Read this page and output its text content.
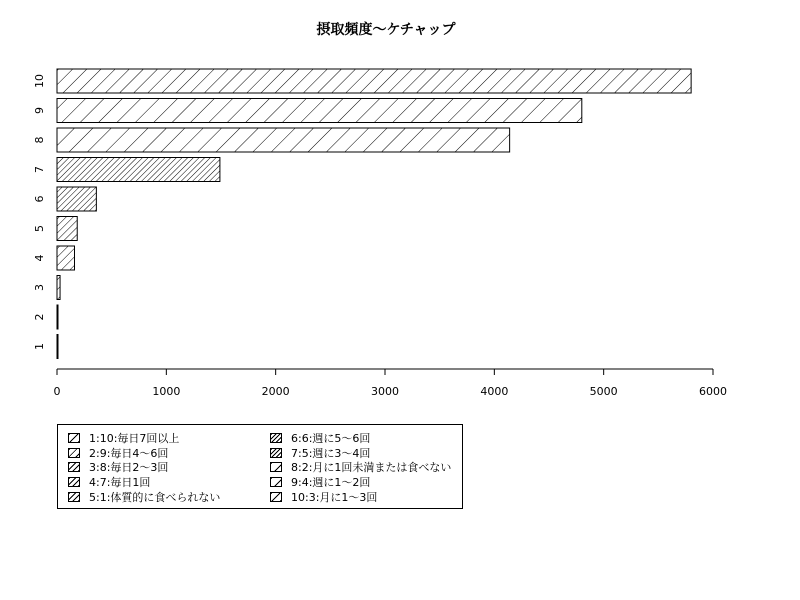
摂取頻度〜ケチャップ
0	1000	2000	3000	4000	5000	6000
10
9
8
7
6
5
4
3
2
1
1:10:毎日7回以上
2:9:毎日4〜6回
3:8:毎日2〜3回
4:7:毎日1回
5:1:体質的に食べられない
6:6:週に5〜6回
7:5:週に3〜4回
8:2:月に1回未満または食べない
9:4:週に1〜2回
10:3:月に1〜3回
